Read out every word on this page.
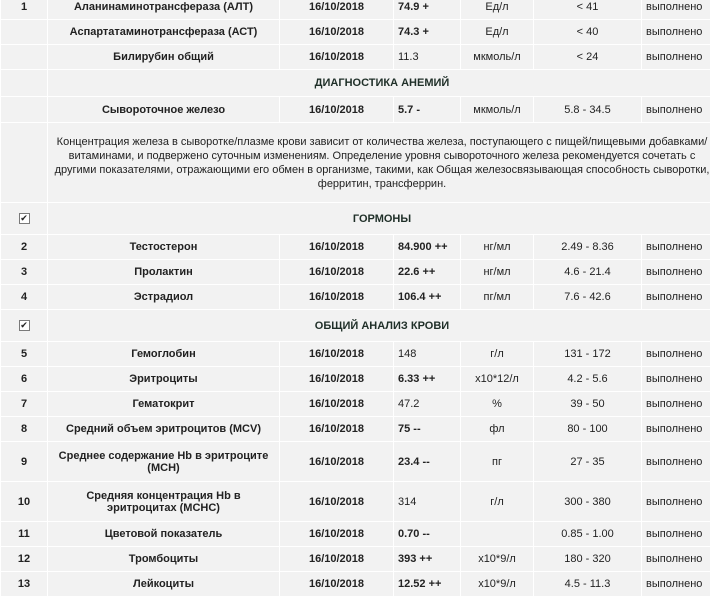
1	Аланинаминотрансфераза (АЛТ)	16/10/2018	74.9 +	Ед/л	< 41	выполнено
	Аспартатаминотрансфераза (АСТ)	16/10/2018	74.3 +	Ед/л	< 40	выполнено
	Билирубин общий	16/10/2018	11.3	мкмоль/л	< 24	выполнено
	ДИАГНОСТИКА АНЕМИЙ					
	Сывороточное железо	16/10/2018	5.7 -	мкмоль/л	5.8 - 34.5	выполнено
	Концентрация железа в сыворотке/плазме крови зависит от количества железа, поступающего с пищей/пищевыми добавками/витаминами, и подвержено суточным изменениям. Определение уровня сывороточного железа рекомендуется сочетать с другими показателями, отражающими его обмен в организме, такими, как Общая железосвязывающая способность сыворотки, ферритин, трансферрин.					
✔	ГОРМОНЫ					
2	Тестостерон	16/10/2018	84.900 ++	нг/мл	2.49 - 8.36	выполнено
3	Пролактин	16/10/2018	22.6 ++	нг/мл	4.6 - 21.4	выполнено
4	Эстрадиол	16/10/2018	106.4 ++	пг/мл	7.6 - 42.6	выполнено
✔	ОБЩИЙ АНАЛИЗ КРОВИ					
5	Гемоглобин	16/10/2018	148	г/л	131 - 172	выполнено
6	Эритроциты	16/10/2018	6.33 ++	x10*12/л	4.2 - 5.6	выполнено
7	Гематокрит	16/10/2018	47.2	%	39 - 50	выполнено
8	Средний объем эритроцитов (MCV)	16/10/2018	75 --	фл	80 - 100	выполнено
9	Среднее содержание Hb в эритроците (MCH)	16/10/2018	23.4 --	пг	27 - 35	выполнено
10	Средняя концентрация Hb в эритроцитах (MCHC)	16/10/2018	314	г/л	300 - 380	выполнено
11	Цветовой показатель	16/10/2018	0.70 --		0.85 - 1.00	выполнено
12	Тромбоциты	16/10/2018	393 ++	x10*9/л	180 - 320	выполнено
13	Лейкоциты	16/10/2018	12.52 ++	x10*9/л	4.5 - 11.3	выполнено
